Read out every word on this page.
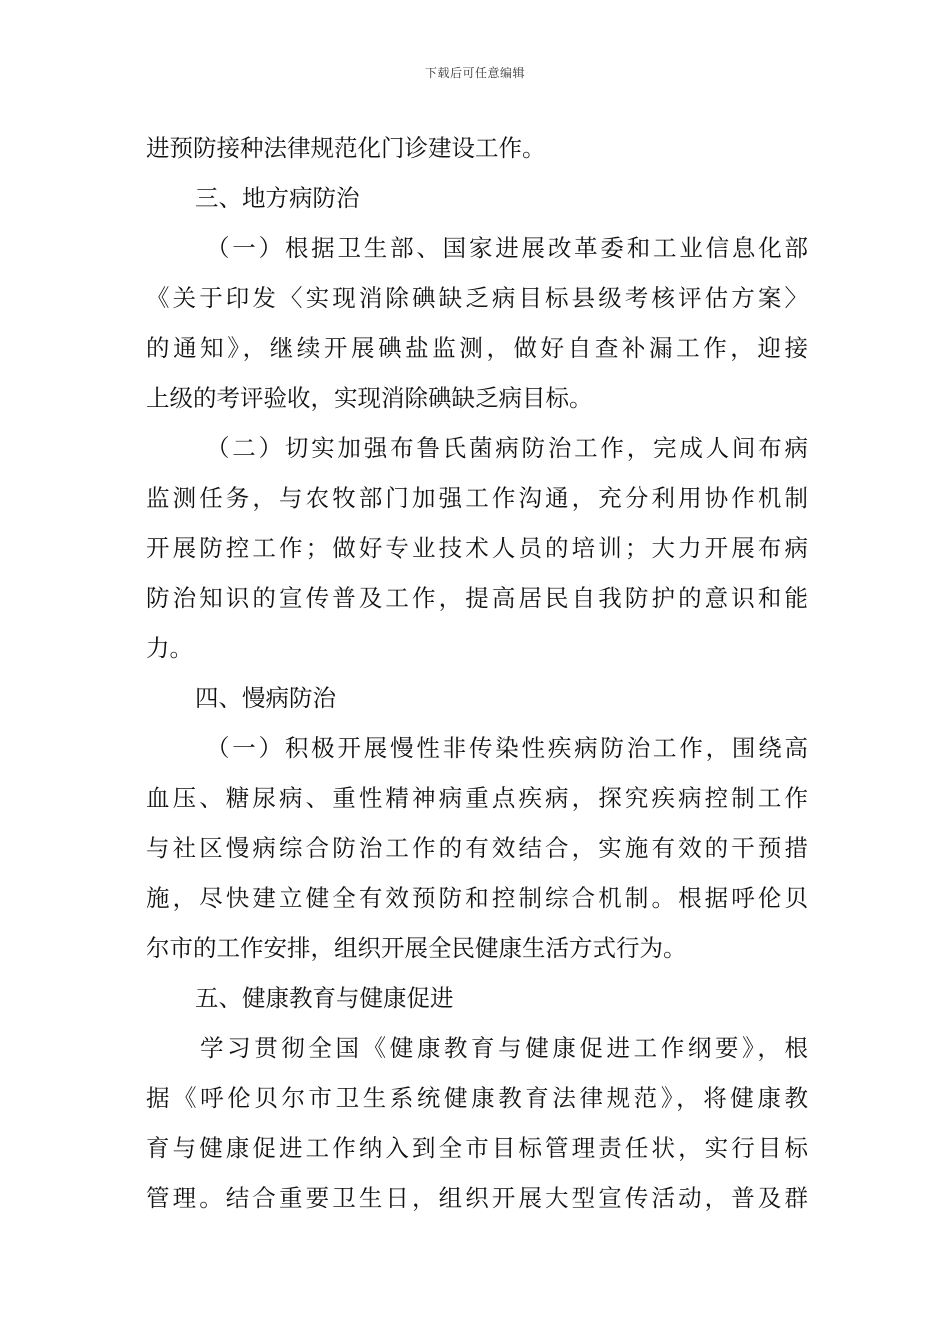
下载后可任意编辑
进预防接种法律规范化门诊建设工作。
三、地方病防治
（一）根据卫生部、国家进展改革委和工业信息化部
《关于印发〈实现消除碘缺乏病目标县级考核评估方案〉
的通知》，继续开展碘盐监测，做好自查补漏工作，迎接
上级的考评验收，实现消除碘缺乏病目标。
（二）切实加强布鲁氏菌病防治工作，完成人间布病
监测任务，与农牧部门加强工作沟通，充分利用协作机制
开展防控工作；做好专业技术人员的培训；大力开展布病
防治知识的宣传普及工作，提高居民自我防护的意识和能
力。
四、慢病防治
（一）积极开展慢性非传染性疾病防治工作，围绕高
血压、糖尿病、重性精神病重点疾病，探究疾病控制工作
与社区慢病综合防治工作的有效结合，实施有效的干预措
施，尽快建立健全有效预防和控制综合机制。根据呼伦贝
尔市的工作安排，组织开展全民健康生活方式行为。
五、健康教育与健康促进
学习贯彻全国《健康教育与健康促进工作纲要》，根
据《呼伦贝尔市卫生系统健康教育法律规范》，将健康教
育与健康促进工作纳入到全市目标管理责任状，实行目标
管理。结合重要卫生日，组织开展大型宣传活动，普及群
